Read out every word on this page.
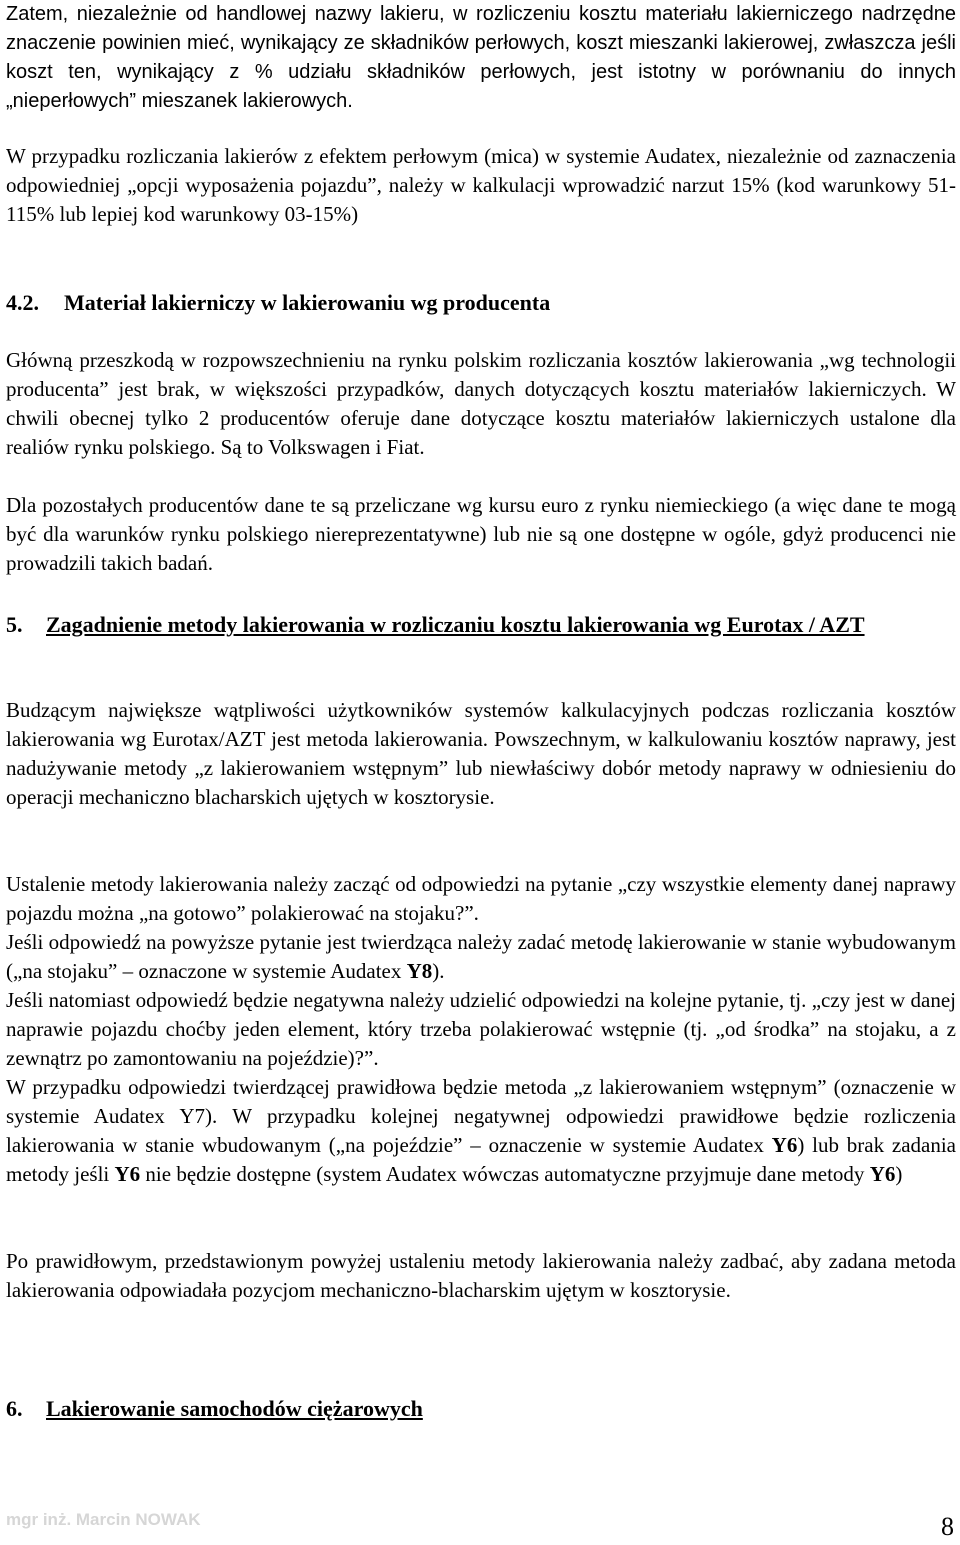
Zatem, niezależnie od handlowej nazwy lakieru, w rozliczeniu kosztu materiału lakierniczego nadrzędne znaczenie powinien mieć, wynikający ze składników perłowych, koszt mieszanki lakierowej, zwłaszcza jeśli koszt ten, wynikający z % udziału składników perłowych, jest istotny w porównaniu do innych „nieperłowych” mieszanek lakierowych.

W przypadku rozliczania lakierów z efektem perłowym (mica) w systemie Audatex, niezależnie od zaznaczenia odpowiedniej „opcji wyposażenia pojazdu”, należy w kalkulacji wprowadzić narzut 15% (kod warunkowy 51-115% lub lepiej kod warunkowy 03-15%)

4.2. Materiał lakierniczy w lakierowaniu wg producenta

Główną przeszkodą w rozpowszechnieniu na rynku polskim rozliczania kosztów lakierowania „wg technologii producenta” jest brak, w większości przypadków, danych dotyczących kosztu materiałów lakierniczych. W chwili obecnej tylko 2 producentów oferuje dane dotyczące kosztu materiałów lakierniczych ustalone dla realiów rynku polskiego. Są to Volkswagen i Fiat.

Dla pozostałych producentów dane te są przeliczane wg kursu euro z rynku niemieckiego (a więc dane te mogą być dla warunków rynku polskiego niereprezentatywne) lub nie są one dostępne w ogóle, gdyż producenci nie prowadzili takich badań.

5. Zagadnienie metody lakierowania w rozliczaniu kosztu lakierowania wg Eurotax / AZT

Budzącym największe wątpliwości użytkowników systemów kalkulacyjnych podczas rozliczania kosztów lakierowania wg Eurotax/AZT jest metoda lakierowania. Powszechnym, w kalkulowaniu kosztów naprawy, jest nadużywanie metody „z lakierowaniem wstępnym” lub niewłaściwy dobór metody naprawy w odniesieniu do operacji mechaniczno blacharskich ujętych w kosztorysie.

Ustalenie metody lakierowania należy zacząć od odpowiedzi na pytanie „czy wszystkie elementy danej naprawy pojazdu można „na gotowo” polakierować na stojaku?”.

Jeśli odpowiedź na powyższe pytanie jest twierdząca należy zadać metodę lakierowanie w stanie wybudowanym („na stojaku” – oznaczone w systemie Audatex Y8).

Jeśli natomiast odpowiedź będzie negatywna należy udzielić odpowiedzi na kolejne pytanie, tj. „czy jest w danej naprawie pojazdu choćby jeden element, który trzeba polakierować wstępnie (tj. „od środka” na stojaku, a z zewnątrz po zamontowaniu na pojeździe)?”.

W przypadku odpowiedzi twierdzącej prawidłowa będzie metoda „z lakierowaniem wstępnym” (oznaczenie w systemie Audatex Y7). W przypadku kolejnej negatywnej odpowiedzi prawidłowe będzie rozliczenia lakierowania w stanie wbudowanym („na pojeździe” – oznaczenie w systemie Audatex Y6) lub brak zadania metody jeśli Y6 nie będzie dostępne (system Audatex wówczas automatyczne przyjmuje dane metody Y6)

Po prawidłowym, przedstawionym powyżej ustaleniu metody lakierowania należy zadbać, aby zadana metoda lakierowania odpowiadała pozycjom mechaniczno-blacharskim ujętym w kosztorysie.

6. Lakierowanie samochodów ciężarowych
mgr inż. Marcin NOWAK	8
